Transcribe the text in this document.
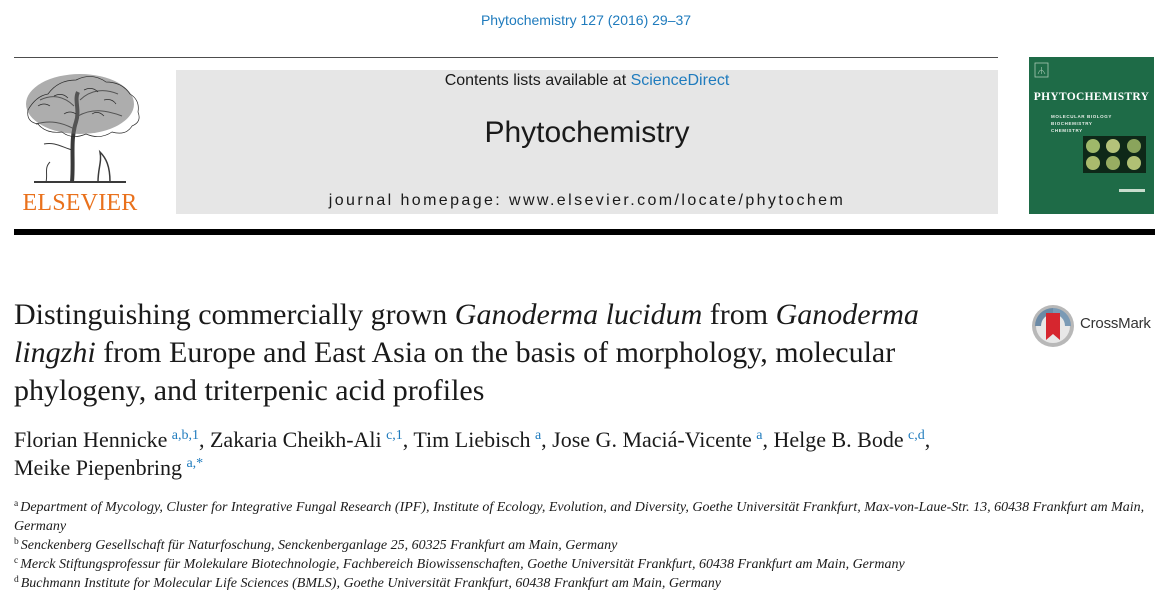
Phytochemistry 127 (2016) 29–37
ELSEVIER
Contents lists available at ScienceDirect
Phytochemistry
journal homepage: www.elsevier.com/locate/phytochem
PHYTOCHEMISTRY
MOLECULAR BIOLOGY
BIOCHEMISTRY
CHEMISTRY
Distinguishing commercially grown Ganoderma lucidum from Ganoderma lingzhi from Europe and East Asia on the basis of morphology, molecular phylogeny, and triterpenic acid profiles
CrossMark
Florian Hennicke  $^{a,b,1}$, Zakaria Cheikh-Ali  $^{c,1}$, Tim Liebisch  $^a$, Jose G. Maciá-Vicente  $^a$, Helge B. Bode  $^{c,d}$,
Meike Piepenbring  $^{a,*}$

$^a$ Department of Mycology, Cluster for Integrative Fungal Research (IPF), Institute of Ecology, Evolution, and Diversity, Goethe Universität Frankfurt, Max-von-Laue-Str. 13, 60438 Frankfurt am Main, Germany

$^b$ Senckenberg Gesellschaft für Naturfoschung, Senckenberganlage 25, 60325 Frankfurt am Main, Germany

$^c$ Merck Stiftungsprofessur für Molekulare Biotechnologie, Fachbereich Biowissenschaften, Goethe Universität Frankfurt, 60438 Frankfurt am Main, Germany

$^d$ Buchmann Institute for Molecular Life Sciences (BMLS), Goethe Universität Frankfurt, 60438 Frankfurt am Main, Germany
